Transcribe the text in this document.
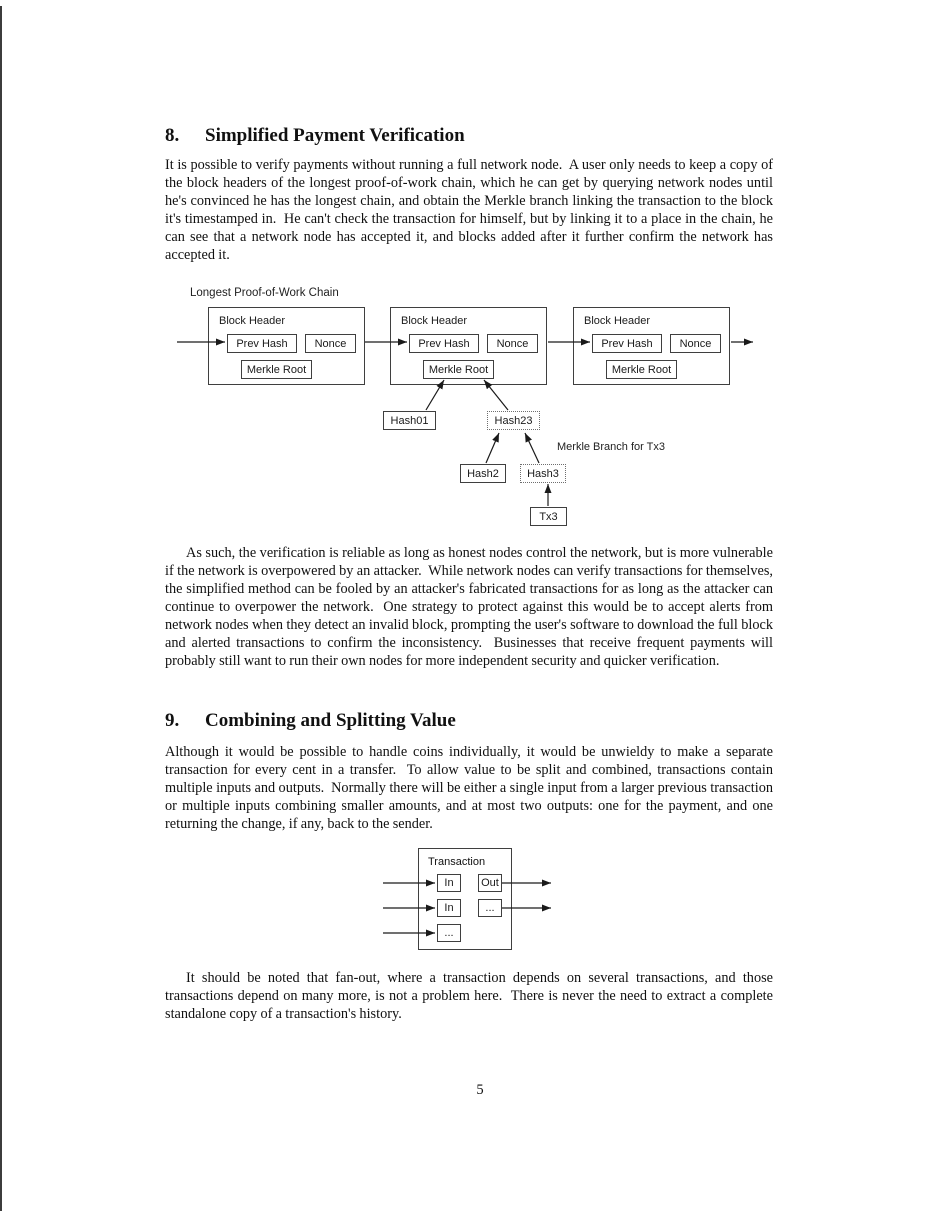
8. Simplified Payment Verification
It is possible to verify payments without running a full network node.  A user only needs to keep a copy of the block headers of the longest proof-of-work chain, which he can get by querying network nodes until he's convinced he has the longest chain, and obtain the Merkle branch linking the transaction to the block it's timestamped in.  He can't check the transaction for himself, but by linking it to a place in the chain, he can see that a network node has accepted it, and blocks added after it further confirm the network has accepted it.
Longest Proof-of-Work Chain
Block Header
Prev Hash	Nonce
Merkle Root
Block Header
Prev Hash	Nonce
Merkle Root
Block Header
Prev Hash	Nonce
Merkle Root
Hash01	Hash23
Merkle Branch for Tx3
Hash2	Hash3
Tx3
As such, the verification is reliable as long as honest nodes control the network, but is more vulnerable if the network is overpowered by an attacker.  While network nodes can verify transactions for themselves, the simplified method can be fooled by an attacker's fabricated transactions for as long as the attacker can continue to overpower the network.  One strategy to protect against this would be to accept alerts from network nodes when they detect an invalid block, prompting the user's software to download the full block and alerted transactions to confirm the inconsistency.  Businesses that receive frequent payments will probably still want to run their own nodes for more independent security and quicker verification.
9. Combining and Splitting Value
Although it would be possible to handle coins individually, it would be unwieldy to make a separate transaction for every cent in a transfer.  To allow value to be split and combined, transactions contain multiple inputs and outputs.  Normally there will be either a single input from a larger previous transaction or multiple inputs combining smaller amounts, and at most two outputs: one for the payment, and one returning the change, if any, back to the sender.
Transaction
In
In
...
Out
...
It should be noted that fan-out, where a transaction depends on several transactions, and those transactions depend on many more, is not a problem here.  There is never the need to extract a complete standalone copy of a transaction's history.
5
